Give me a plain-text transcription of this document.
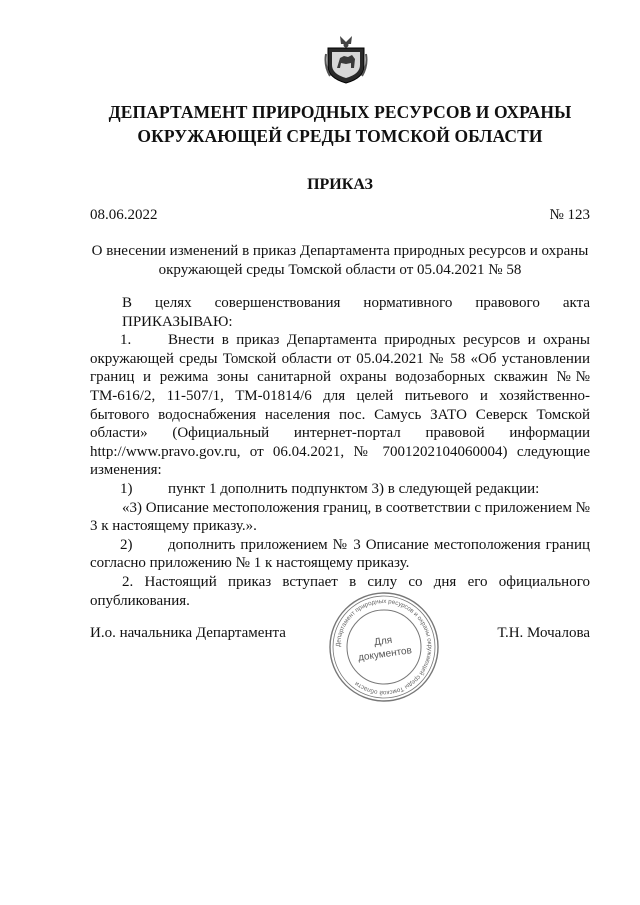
ДЕПАРТАМЕНТ ПРИРОДНЫХ РЕСУРСОВ И ОХРАНЫ
ОКРУЖАЮЩЕЙ СРЕДЫ ТОМСКОЙ ОБЛАСТИ
ПРИКАЗ
08.06.2022	№ 123
О внесении изменений в приказ Департамента природных ресурсов и охраны
окружающей среды Томской области от 05.04.2021 № 58

В целях совершенствования нормативного правового акта

ПРИКАЗЫВАЮ:

1. Внести в приказ Департамента природных ресурсов и охраны окружающей среды Томской области от 05.04.2021 № 58 «Об установлении границ и режима зоны санитарной охраны водозаборных скважин №№ ТМ-616/2, 11-507/1, ТМ-01814/6 для целей питьевого и хозяйственно-бытового водоснабжения населения пос. Самусь ЗАТО Северск Томской области» (Официальный интернет-портал правовой информации http://www.pravo.gov.ru, от 06.04.2021, № 7001202104060004) следующие изменения:

1) пункт 1 дополнить подпунктом 3) в следующей редакции:

«3) Описание местоположения границ, в соответствии с приложением № 3 к настоящему приказу.».

2) дополнить приложением № 3 Описание местоположения границ согласно приложению № 1 к настоящему приказу.

2. Настоящий приказ вступает в силу со дня его официального опубликования.

И.о. начальника Департамента	Т.Н. Мочалова
Департамент природных ресурсов и охраны окружающей среды Томской области
Для
документов
